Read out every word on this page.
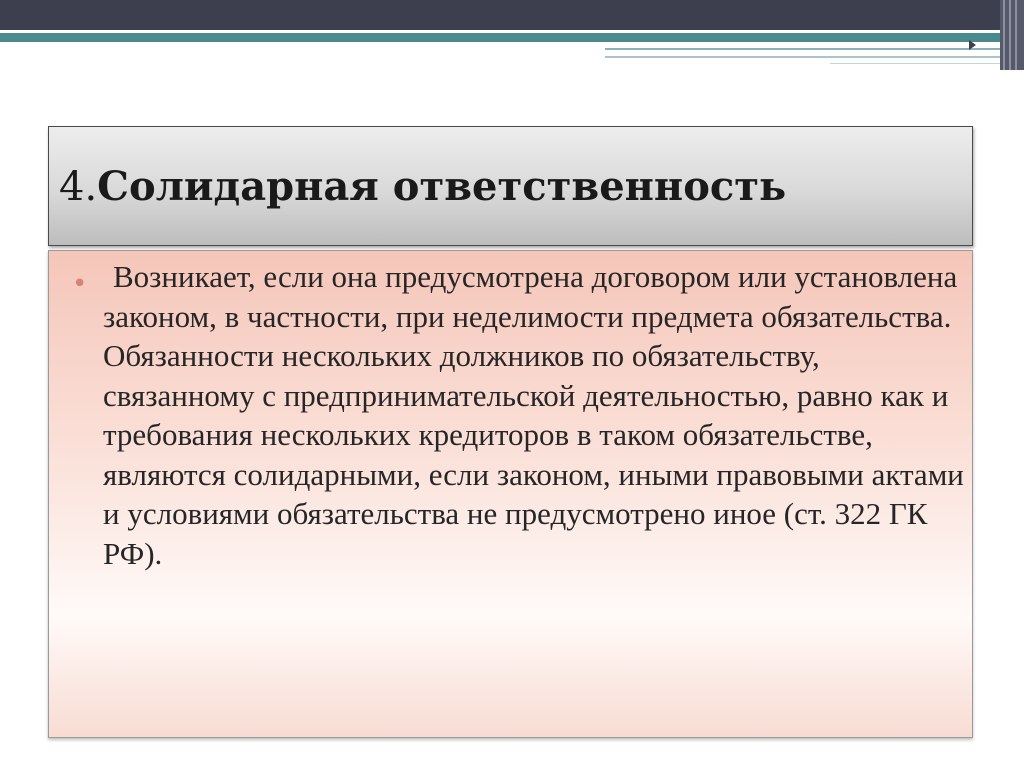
4.Солидарная ответственность
• Возникает, если она предусмотрена договором или установлена законом, в частности, при неделимости предмета обязательства. Обязанности нескольких должников по обязательству, связанному с предпринимательской деятельностью, равно как и требования нескольких кредиторов в таком обязательстве, являются солидарными, если законом, иными правовыми актами и условиями обязательства не предусмотрено иное (ст. 322 ГК РФ).
